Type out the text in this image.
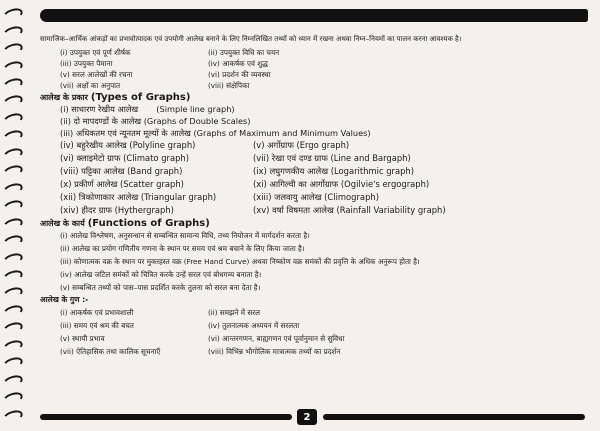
सामाजिक–आर्थिक आंकड़ों का प्रभावोत्पादक एवं उपयोगी आलेख बनाने के लिए निम्नलिखित तथ्यों को ध्यान में रखना अथवा निम्न–नियमों का पालन करना आवश्यक है।
(i) उपयुक्त एवं पूर्ण शीर्षक	(ii) उपयुक्त विधि का चयन
(iii) उपयुक्त पैमाना	(iv) आकर्षक एवं शुद्ध
(v) सरल आलेखों की रचना	(vi) प्रदर्शन की व्यवस्था
(vii) अक्षों का अनुपात	(viii) संक्षेपिका
आलेख के प्रकार (Types of Graphs)
(i) साधारण रेखीय आलेख       (Simple line graph)
(ii) दो मापदण्डों के आलेख (Graphs of Double Scales)
(iii) अधिकतम एवं न्यूनतम मूल्यों के आलेख (Graphs of Maximum and Minimum Values)
(iv) बहुरेखीय आलेख (Polyline graph)	(v) अर्गोग्राफ (Ergo graph)
(vi) क्लाइमेटो ग्राफ (Climato graph)	(vii) रेखा एवं दण्ड ग्राफ (Line and Bargaph)
(viii) पट्टिका आलेख (Band graph)	(ix) लघुगणकीय आलेख (Logarithmic graph)
(x) प्रकीर्ण आलेख (Scatter graph)	(xi) आगिल्वी का आर्गोग्राफ (Ogilvie's ergograph)
(xii) त्रिकोणाकार आलेख (Triangular graph)	(xiii) जलवायु आलेख (Climograph)
(xiv) हीदर ग्राफ (Hythergraph)	(xv) वर्षा विषमता आलेख (Rainfall Variability graph)
आलेख के कार्य (Functions of Graphs)
(i) आलेख विश्लेषण, अनुसन्धान से सम्बन्धित सामान्य विधि, तथ्य नियोजन में मार्गदर्शन करता है।
(ii) आलेख का प्रयोग गणितीय गणना के स्थान पर समय एवं श्रम बचाने के लिए किया जाता है।
(iii) कोणात्मक वक्र के स्थान पर मुक्तहस्त वक्र (Free Hand Curve) अथवा निष्कोण वक्र समंकों की प्रवृत्ति के अधिक अनुरूप होता है।
(iv) आलेख जटिल समंकों को चित्रित करके उन्हें सरल एवं बोधगम्य बनाता है।
(v) सम्बन्धित तथ्यों को पास–पास प्रदर्शित करके तुलना को सरल बना देता है।
आलेख के गुण :-
(i) आकर्षक एवं प्रभावशाली	(ii) समझने में सरल
(iii) समय एवं श्रम की बचत	(iv) तुलनात्मक अध्ययन में सरलता
(v) स्थायी प्रभाव	(vi) आन्तरगणन, बाह्यगणन एवं पूर्वानुमान से सुविधा
(vii) ऐतिहासिक तथा कालिक सूचनाएँ	(viii) विभिन्न भौगोलिक मात्रात्मक तथ्यों का प्रदर्शन
2
